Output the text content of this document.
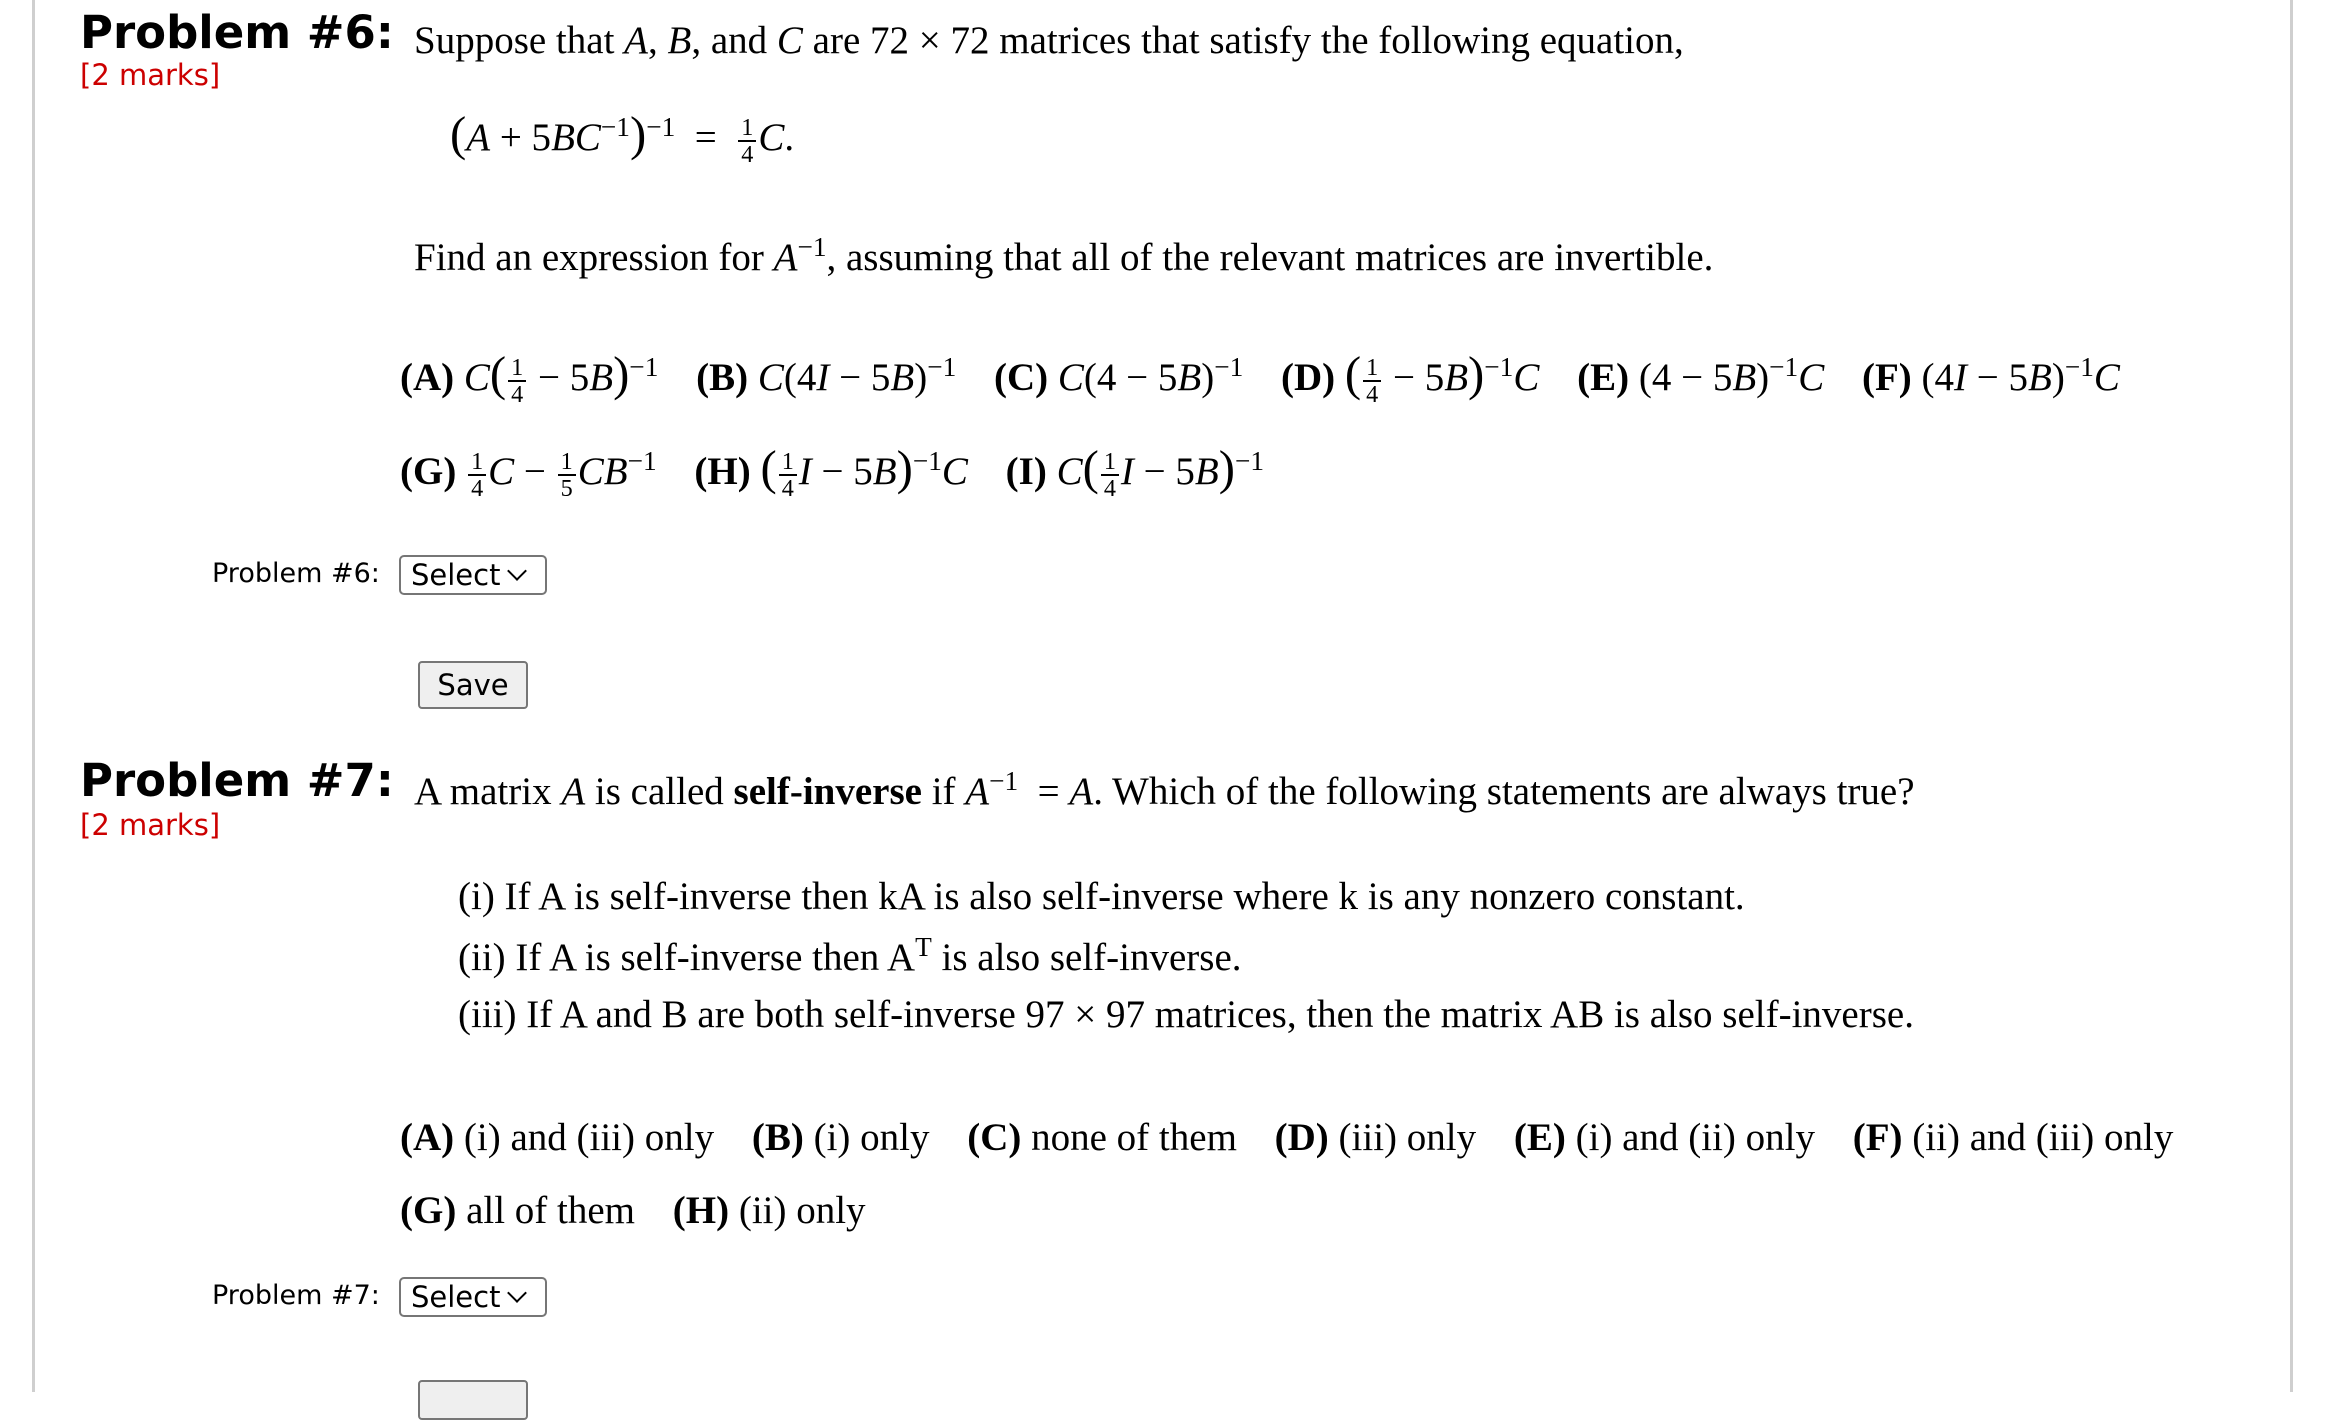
Problem #6:
[2 marks]
Suppose that A, B, and C are 72 × 72 matrices that satisfy the following equation,
$(A + 5BC^{-1})^{-1} = \frac{1}{4} C$.
Find an expression for $A^{-1}$, assuming that all of the relevant matrices are invertible.
(A) $C( \frac{1}{4} - 5B)^{-1}$ (B) $C(4I - 5B)^{-1}$ (C) $C(4 - 5B)^{-1}$ (D) ( $\frac{1}{4} - 5B)^{-1}C$ (E) $(4 - 5B)^{-1}C$ (F) $(4I - 5B)^{-1}C$
$(G) \frac{1}{4}$ $C - \frac{1}{5} CB^{-1}$ (H) ( $\frac{1}{4}$ I − 5B)$^{-1}$C (I) $C( \frac{1}{4}$ $I - 5B)^{-1}$
Problem #6: Select
Save
Problem #7:
[2 marks]
A matrix A is called self-inverse if $A^{-1} = A$. Which of the following statements are always true?
(i) If A is self-inverse then kA is also self-inverse where k is any nonzero constant.
(ii) If A is self-inverse then $A^T$ is also self-inverse.
(iii) If A and B are both self-inverse 97 × 97 matrices, then the matrix AB is also self-inverse.
(A) (i) and (iii) only (B) (i) only (C) none of them (D) (iii) only (E) (i) and (ii) only (F) (ii) and (iii) only
(G) all of them (H) (ii) only
Problem #7: Select
